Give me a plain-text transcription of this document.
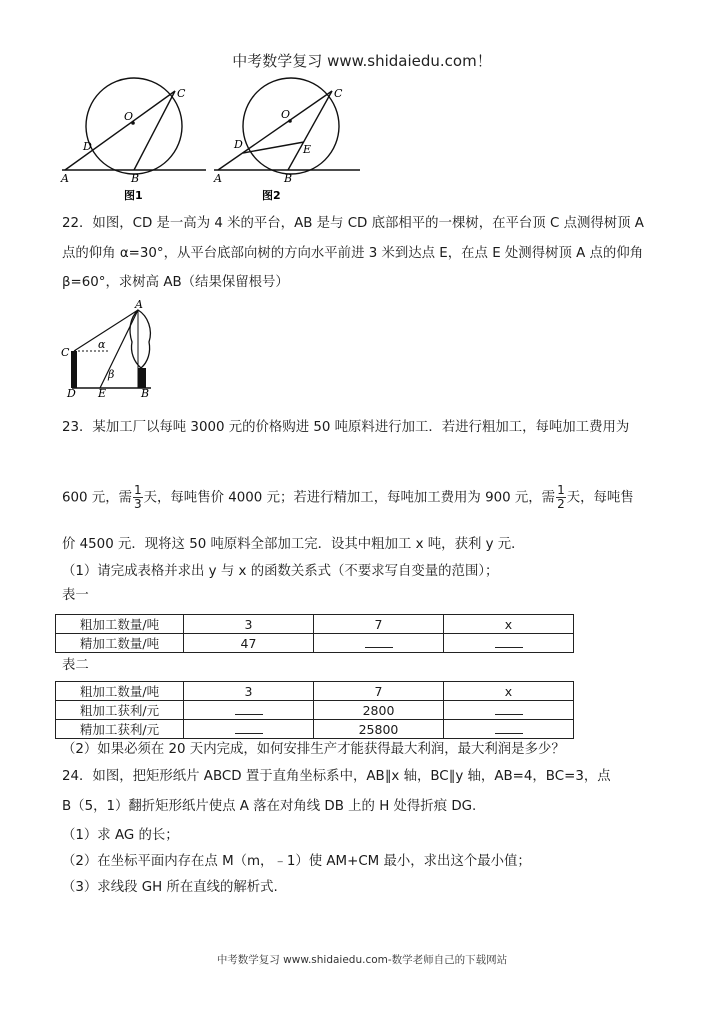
中考数学复习 www.shidaiedu.com！
O
C
D
A	B
图1
O
C
D	E
A	B
图2
22．如图，CD 是一高为 4 米的平台，AB 是与 CD 底部相平的一棵树，在平台顶 C 点测得树顶 A
点的仰角 α=30°，从平台底部向树的方向水平前进 3 米到达点 E，在点 E 处测得树顶 A 点的仰角
β=60°，求树高 AB（结果保留根号）
A
C
α
β
D E	B
23．某加工厂以每吨 3000 元的价格购进 50 吨原料进行加工．若进行粗加工，每吨加工费用为
600 元，需 $\frac{1}{3}$ 天，每吨售价 4000 元；若进行精加工，每吨加工费用为 900 元，需 $\frac{1}{2}$ 天，每吨售
价 4500 元．现将这 50 吨原料全部加工完．设其中粗加工 x 吨，获利 y 元．
（1）请完成表格并求出 y 与 x 的函数关系式（不要求写自变量的范围）；
表一
粗加工数量/吨	3	7	x
精加工数量/吨	47		
表二
粗加工数量/吨	3	7	x
粗加工获利/元		2800	
精加工获利/元		25800	
（2）如果必须在 20 天内完成，如何安排生产才能获得最大利润，最大利润是多少？
24．如图，把矩形纸片 ABCD 置于直角坐标系中，AB∥x 轴，BC∥y 轴，AB=4，BC=3，点
B（5，1）翻折矩形纸片使点 A 落在对角线 DB 上的 H 处得折痕 DG.
（1）求 AG 的长；
（2）在坐标平面内存在点 M（m，﹣1）使 AM+CM 最小，求出这个最小值；
（3）求线段 GH 所在直线的解析式.
中考数学复习 www.shidaiedu.com-数学老师自己的下载网站
